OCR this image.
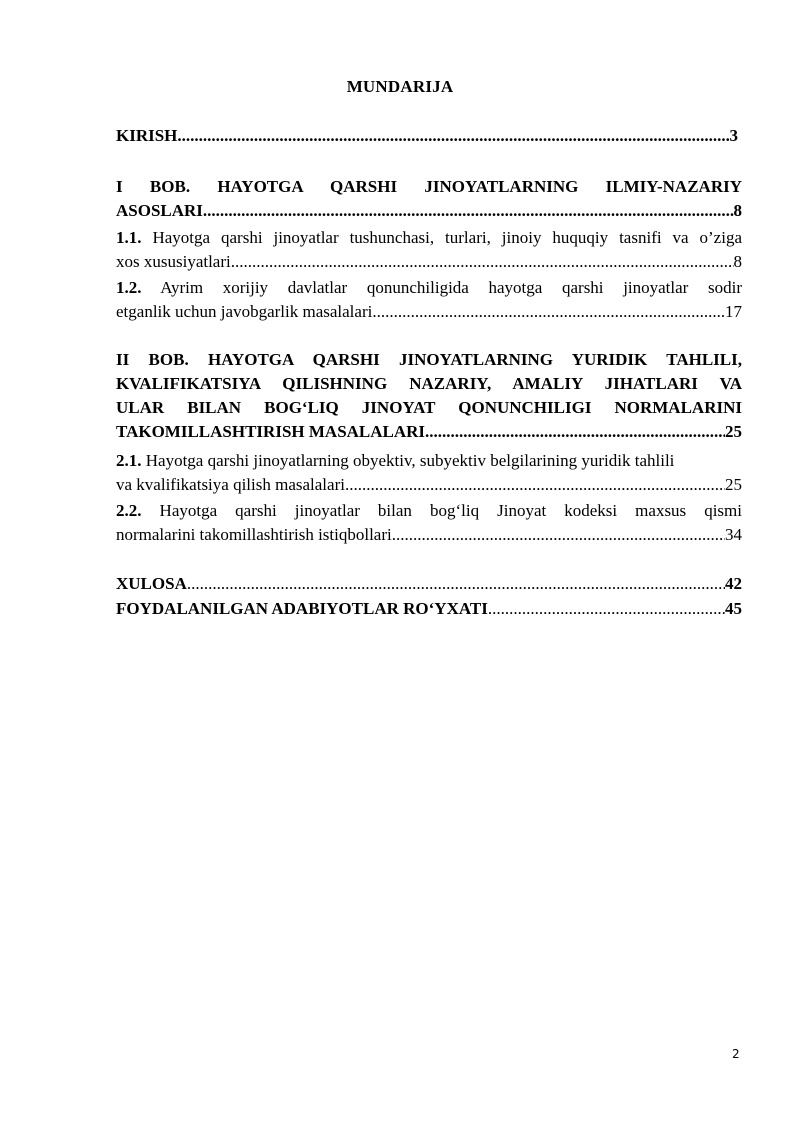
MUNDARIJA
KIRISH .....	3
I BOB. HAYOTGA QARSHI JINOYATLARNING ILMIY-NAZARIY
ASOSLARI .....	8
1.1. Hayotga qarshi jinoyatlar tushunchasi, turlari, jinoiy huquqiy tasnifi va o’ziga
xos xususiyatlari .....	8
1.2. Ayrim xorijiy davlatlar qonunchiligida hayotga qarshi jinoyatlar sodir
etganlik uchun javobgarlik masalalari .....	17
II BOB. HAYOTGA QARSHI JINOYATLARNING YURIDIK TAHLILI,
KVALIFIKATSIYA QILISHNING NAZARIY, AMALIY JIHATLARI VA
ULAR BILAN BOG‘LIQ JINOYAT QONUNCHILIGI NORMALARINI
TAKOMILLASHTIRISH MASALALARI .....	25
2.1. Hayotga qarshi jinoyatlarning obyektiv, subyektiv belgilarining yuridik tahlili
va kvalifikatsiya qilish masalalari .....	25
2.2. Hayotga qarshi jinoyatlar bilan bog‘liq Jinoyat kodeksi maxsus qismi
normalarini takomillashtirish istiqbollari .....	34
XULOSA .....	42
FOYDALANILGAN ADABIYOTLAR RO‘YXATI .....	45
2
